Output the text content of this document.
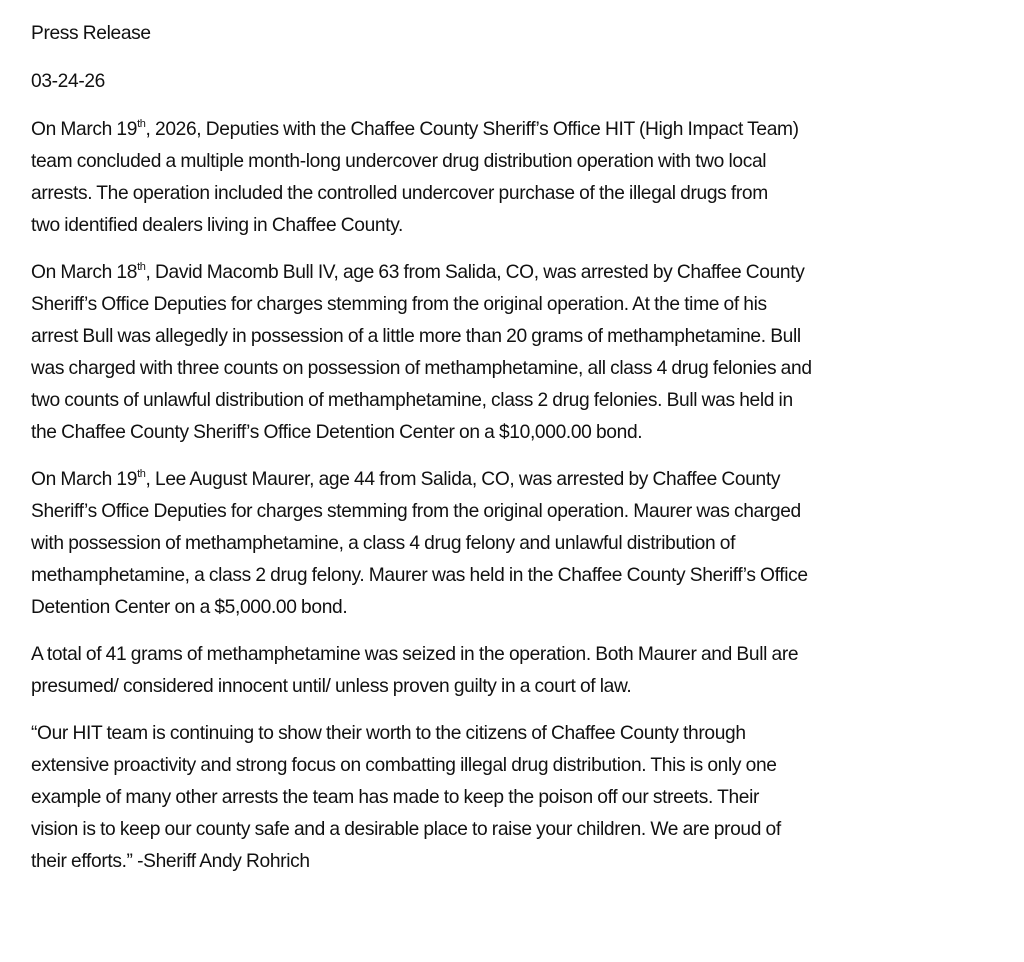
Press Release

03-24-26

On March 19th, 2026, Deputies with the Chaffee County Sheriff’s Office HIT (High Impact Team)

team concluded a multiple month-long undercover drug distribution operation with two local

arrests. The operation included the controlled undercover purchase of the illegal drugs from

two identified dealers living in Chaffee County.

On March 18th, David Macomb Bull IV, age 63 from Salida, CO, was arrested by Chaffee County

Sheriff’s Office Deputies for charges stemming from the original operation. At the time of his

arrest Bull was allegedly in possession of a little more than 20 grams of methamphetamine. Bull

was charged with three counts on possession of methamphetamine, all class 4 drug felonies and

two counts of unlawful distribution of methamphetamine, class 2 drug felonies. Bull was held in

the Chaffee County Sheriff’s Office Detention Center on a $10,000.00 bond.

On March 19th, Lee August Maurer, age 44 from Salida, CO, was arrested by Chaffee County

Sheriff’s Office Deputies for charges stemming from the original operation. Maurer was charged

with possession of methamphetamine, a class 4 drug felony and unlawful distribution of

methamphetamine, a class 2 drug felony. Maurer was held in the Chaffee County Sheriff’s Office

Detention Center on a $5,000.00 bond.

A total of 41 grams of methamphetamine was seized in the operation. Both Maurer and Bull are

presumed/ considered innocent until/ unless proven guilty in a court of law.

“Our HIT team is continuing to show their worth to the citizens of Chaffee County through

extensive proactivity and strong focus on combatting illegal drug distribution. This is only one

example of many other arrests the team has made to keep the poison off our streets. Their

vision is to keep our county safe and a desirable place to raise your children. We are proud of

their efforts.” -Sheriff Andy Rohrich
